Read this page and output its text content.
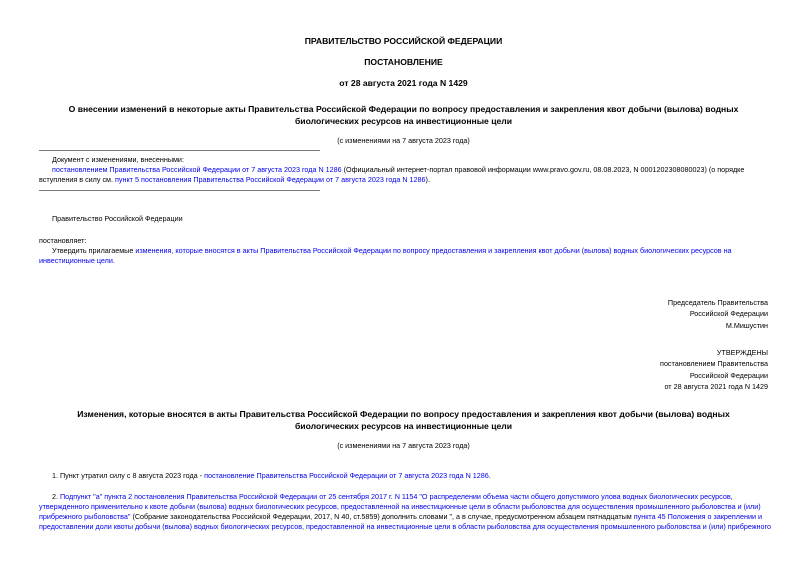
ПРАВИТЕЛЬСТВО РОССИЙСКОЙ ФЕДЕРАЦИИ
ПОСТАНОВЛЕНИЕ
от 28 августа 2021 года N 1429
О внесении изменений в некоторые акты Правительства Российской Федерации по вопросу предоставления и закрепления квот добычи (вылова) водных
биологических ресурсов на инвестиционные цели
(с изменениями на 7 августа 2023 года)
Документ с изменениями, внесенными:
постановлением Правительства Российской Федерации от 7 августа 2023 года N 1286 (Официальный интернет-портал правовой информации www.pravo.gov.ru, 08.08.2023, N 0001202308080023) (о порядке
вступления в силу см. пункт 5 постановления Правительства Российской Федерации от 7 августа 2023 года N 1286).
Правительство Российской Федерации
постановляет:
Утвердить прилагаемые изменения, которые вносятся в акты Правительства Российской Федерации по вопросу предоставления и закрепления квот добычи (вылова) водных биологических ресурсов на
инвестиционные цели.
Председатель Правительства
Российской Федерации
М.Мишустин
УТВЕРЖДЕНЫ
постановлением Правительства
Российской Федерации
от 28 августа 2021 года N 1429
Изменения, которые вносятся в акты Правительства Российской Федерации по вопросу предоставления и закрепления квот добычи (вылова) водных
биологических ресурсов на инвестиционные цели
(с изменениями на 7 августа 2023 года)
1. Пункт утратил силу с 8 августа 2023 года - постановление Правительства Российской Федерации от 7 августа 2023 года N 1286.
2. Подпункт "а" пункта 2 постановления Правительства Российской Федерации от 25 сентября 2017 г. N 1154 "О распределении объема части общего допустимого улова водных биологических ресурсов,
утвержденного применительно к квоте добычи (вылова) водных биологических ресурсов, предоставленной на инвестиционные цели в области рыболовства для осуществления промышленного рыболовства и (или)
прибрежного рыболовства" (Собрание законодательства Российской Федерации, 2017, N 40, ст.5859) дополнить словами ", а в случае, предусмотренном абзацем пятнадцатым пункта 45 Положения о закреплении и
предоставлении доли квоты добычи (вылова) водных биологических ресурсов, предоставленной на инвестиционные цели в области рыболовства для осуществления промышленного рыболовства и (или) прибрежного
